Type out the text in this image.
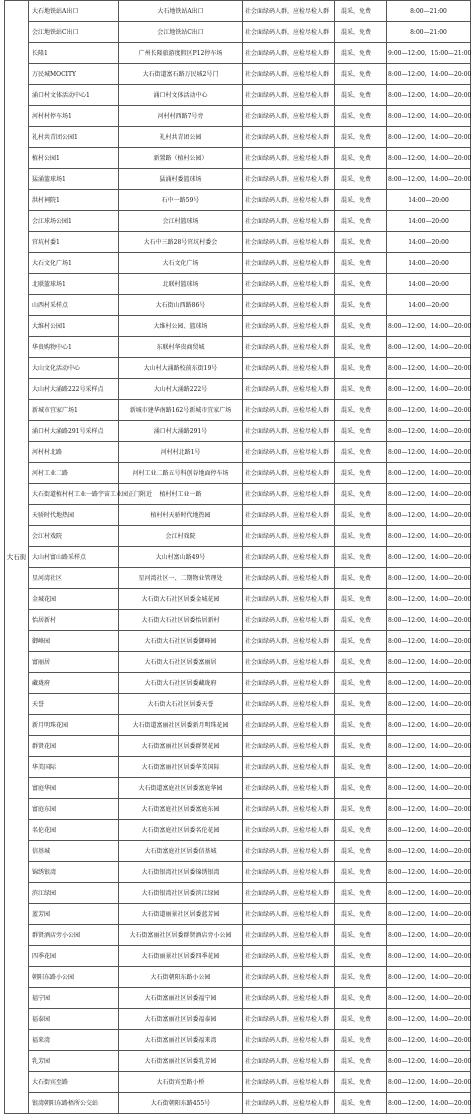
大石街	大石地铁站A出口	大石地铁站A出口	社会面绿码人群，应检尽检人群	混采，免费	8:00—21:00
	会江地铁站C出口	会江地铁站C出口	社会面绿码人群，应检尽检人群	混采，免费	8:00—21:00
	长隆1	广州长隆旅游度假区P12停车场	社会面绿码人群，应检尽检人群	混采，免费	9:00—12:00，15:00—21:00
	万民城MOCITY	大石街道富石路万民城2号门	社会面绿码人群，应检尽检人群	混采，免费	8:00—12:00，14:00—20:00
	涌口村文体活动中心1	涌口村文体活动中心	社会面绿码人群，应检尽检人群	混采，免费	8:00—12:00，14:00—20:00
	河村村停车场1	河村村西路7号旁	社会面绿码人群，应检尽检人群	混采，免费	8:00—12:00，14:00—20:00
	礼村共青团公园1	礼村共青团公园	社会面绿码人群，应检尽检人群	混采，免费	8:00—12:00，14:00—20:00
	植村公园1	新置路（植村公园）	社会面绿码人群，应检尽检人群	混采，免费	8:00—12:00，14:00—20:00
	猛涌篮球场1	猛涌村委篮球场	社会面绿码人群，应检尽检人群	混采，免费	8:00—12:00，14:00—20:00
	洪村祠院1	石中一路59号	社会面绿码人群，应检尽检人群	混采，免费	14:00—20:00
	会江球场公园1	会江村篮球场	社会面绿码人群，应检尽检人群	混采，免费	14:00—20:00
	官坑村委1	大石中三路28号官坑村委会	社会面绿码人群，应检尽检人群	混采，免费	14:00—20:00
	大石文化广场1	大石文化广场	社会面绿码人群，应检尽检人群	混采，免费	14:00—20:00
	北联篮球场1	北联村篮球场	社会面绿码人群，应检尽检人群	混采，免费	14:00—20:00
	山西村采样点	大石街山西路86号	社会面绿码人群，应检尽检人群	混采，免费	14:00—20:00
	大维村公园1	大维村公园、篮球场	社会面绿码人群，应检尽检人群	混采，免费	8:00—12:00，14:00—20:00
	华贵购物中心1	东联村华贵商贸城	社会面绿码人群，应检尽检人群	混采，免费	8:00—12:00，14:00—20:00
	大山文化活动中心	大山村大涌路校前东街19号	社会面绿码人群，应检尽检人群	混采，免费	8:00—12:00，14:00—20:00
	大山村大涌路222号采样点	大山村大涌路222号	社会面绿码人群，应检尽检人群	混采，免费	8:00—12:00，14:00—20:00
	新城市宜家广场1	新城市建华南路162号新城市宜家广场	社会面绿码人群，应检尽检人群	混采，免费	8:00—12:00，14:00—20:00
	涌口村大涌路291号采样点	涌口村大涌路291号	社会面绿码人群，应检尽检人群	混采，免费	8:00—12:00，14:00—20:00
	河村村北路	河村村北路1号	社会面绿码人群，应检尽检人群	混采，免费	8:00—12:00，14:00—20:00
	河村工业二路	河村工业二路五号科创谷地面停车场	社会面绿码人群，应检尽检人群	混采，免费	8:00—12:00，14:00—20:00
	大石街道植村村工业一路宇宙工业园正门附近	植村村工业一路	社会面绿码人群，应检尽检人群	混采，免费	8:00—12:00，14:00—20:00
	天骄时代地热园	植村村天骄时代地热园	社会面绿码人群，应检尽检人群	混采，免费	8:00—12:00，14:00—20:00
	会江村戏院	会江村戏院	社会面绿码人群，应检尽检人群	混采，免费	8:00—12:00，14:00—20:00
	大山村富山路采样点	大山村富山路49号	社会面绿码人群，应检尽检人群	混采，免费	8:00—12:00，14:00—20:00
	星河湾社区	星河湾社区一、二期物业管理处	社会面绿码人群，应检尽检人群	混采，免费	8:00—12:00，14:00—20:00
	金城花园	大石街大石社区居委金城花园	社会面绿码人群，应检尽检人群	混采，免费	8:00—12:00，14:00—20:00
	怡居新村	大石街大石社区居委怡居新村	社会面绿码人群，应检尽检人群	混采，免费	8:00—12:00，14:00—20:00
	御峰园	大石街大石社区居委御峰园	社会面绿码人群，应检尽检人群	混采，免费	8:00—12:00，14:00—20:00
	富丽居	大石街大石社区居委富丽居	社会面绿码人群，应检尽检人群	混采，免费	8:00—12:00，14:00—20:00
	藏珑府	大石街大石社区居委藏珑府	社会面绿码人群，应检尽检人群	混采，免费	8:00—12:00，14:00—20:00
	天誉	大石街大石社区居委天誉	社会面绿码人群，应检尽检人群	混采，免费	8:00—12:00，14:00—20:00
	新月明珠花园	大石街道富丽社区居委新月明珠花园	社会面绿码人群，应检尽检人群	混采，免费	8:00—12:00，14:00—20:00
	群贤花园	大石街富丽社区居委群贤花园	社会面绿码人群，应检尽检人群	混采，免费	8:00—12:00，14:00—20:00
	华美国际	大石街富丽社区居委华美国际	社会面绿码人群，应检尽检人群	混采，免费	8:00—12:00，14:00—20:00
	富庭华园	大石街道富庭社区居委富庭华园	社会面绿码人群，应检尽检人群	混采，免费	8:00—12:00，14:00—20:00
	富庭东园	大石街富庭社区居委富庭东园	社会面绿码人群，应检尽检人群	混采，免费	8:00—12:00，14:00—20:00
	名伦花园	大石街富庭社区居委名伦花园	社会面绿码人群，应检尽检人群	混采，免费	8:00—12:00，14:00—20:00
	信基城	大石街富庭社区居委信基城	社会面绿码人群，应检尽检人群	混采，免费	8:00—12:00，14:00—20:00
	锦绣银湾	大石街银湾社区居委锦绣银湾	社会面绿码人群，应检尽检人群	混采，免费	8:00—12:00，14:00—20:00
	滨江绿园	大石街银湾社区居委滨江绿园	社会面绿码人群，应检尽检人群	混采，免费	8:00—12:00，14:00—20:00
	蓝芳园	大石街道丽景社区居委蓝芳园	社会面绿码人群，应检尽检人群	混采，免费	8:00—12:00，14:00—20:00
	群贤酒店旁小公园	大石街富丽社区居委群贤酒店旁小公园	社会面绿码人群，应检尽检人群	混采，免费	8:00—12:00，14:00—20:00
	四季花园	大石街丽景社区居委四季花园	社会面绿码人群，应检尽检人群	混采，免费	8:00—12:00，14:00—20:00
	朝阳东路小公园	大石街朝阳东路小公园	社会面绿码人群，应检尽检人群	混采，免费	8:00—12:00，14:00—20:00
	福宁园	大石街富丽社区居委福宁园	社会面绿码人群，应检尽检人群	混采，免费	8:00—12:00，14:00—20:00
	福泰园	大石街富丽社区居委福泰园	社会面绿码人群，应检尽检人群	混采，免费	8:00—12:00，14:00—20:00
	福来湾	大石街富丽社区居委福来湾	社会面绿码人群，应检尽检人群	混采，免费	8:00—12:00，14:00—20:00
	乳芳园	大石街富丽社区居委乳芳园	社会面绿码人群，应检尽检人群	混采，免费	8:00—12:00，14:00—20:00
	大石街宾至路	大石街宾至路小桥	社会面绿码人群，应检尽检人群	混采，免费	8:00—12:00，14:00—20:00
	银湾朝阳东路梧所公交站	大石街朝阳东路455号	社会面绿码人群，应检尽检人群	混采，免费	8:00—12:00，14:00—20:00
